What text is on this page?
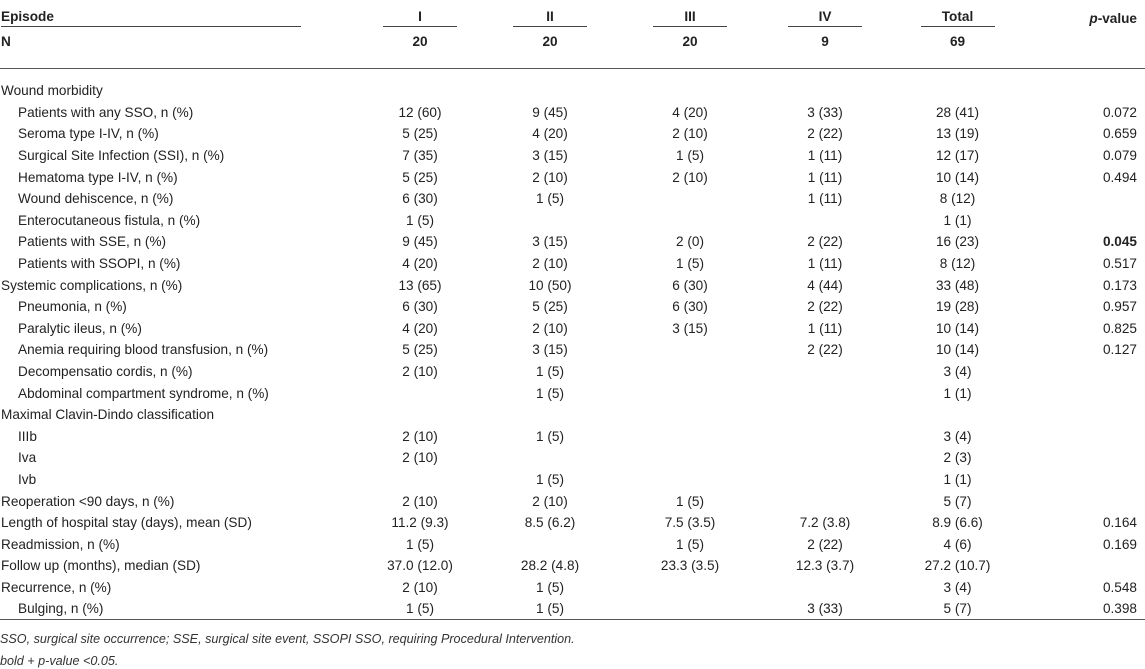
Episode	I	II	III	IV	Total	p-value
N	20	20	20	9	69	

Wound morbidity						
Patients with any SSO, n (%)	12 (60)	9 (45)	4 (20)	3 (33)	28 (41)	0.072
Seroma type I-IV, n (%)	5 (25)	4 (20)	2 (10)	2 (22)	13 (19)	0.659
Surgical Site Infection (SSI), n (%)	7 (35)	3 (15)	1 (5)	1 (11)	12 (17)	0.079
Hematoma type I-IV, n (%)	5 (25)	2 (10)	2 (10)	1 (11)	10 (14)	0.494
Wound dehiscence, n (%)	6 (30)	1 (5)		1 (11)	8 (12)	
Enterocutaneous fistula, n (%)	1 (5)				1 (1)	
Patients with SSE, n (%)	9 (45)	3 (15)	2 (0)	2 (22)	16 (23)	0.045
Patients with SSOPI, n (%)	4 (20)	2 (10)	1 (5)	1 (11)	8 (12)	0.517
Systemic complications, n (%)	13 (65)	10 (50)	6 (30)	4 (44)	33 (48)	0.173
Pneumonia, n (%)	6 (30)	5 (25)	6 (30)	2 (22)	19 (28)	0.957
Paralytic ileus, n (%)	4 (20)	2 (10)	3 (15)	1 (11)	10 (14)	0.825
Anemia requiring blood transfusion, n (%)	5 (25)	3 (15)		2 (22)	10 (14)	0.127
Decompensatio cordis, n (%)	2 (10)	1 (5)			3 (4)	
Abdominal compartment syndrome, n (%)		1 (5)			1 (1)	
Maximal Clavin-Dindo classification						
IIIb	2 (10)	1 (5)			3 (4)	
Iva	2 (10)				2 (3)	
Ivb		1 (5)			1 (1)	
Reoperation <90 days, n (%)	2 (10)	2 (10)	1 (5)		5 (7)	
Length of hospital stay (days), mean (SD)	11.2 (9.3)	8.5 (6.2)	7.5 (3.5)	7.2 (3.8)	8.9 (6.6)	0.164
Readmission, n (%)	1 (5)		1 (5)	2 (22)	4 (6)	0.169
Follow up (months), median (SD)	37.0 (12.0)	28.2 (4.8)	23.3 (3.5)	12.3 (3.7)	27.2 (10.7)	
Recurrence, n (%)	2 (10)	1 (5)			3 (4)	0.548
Bulging, n (%)	1 (5)	1 (5)		3 (33)	5 (7)	0.398
SSO, surgical site occurrence; SSE, surgical site event, SSOPI SSO, requiring Procedural Intervention.
bold + p-value <0.05.
